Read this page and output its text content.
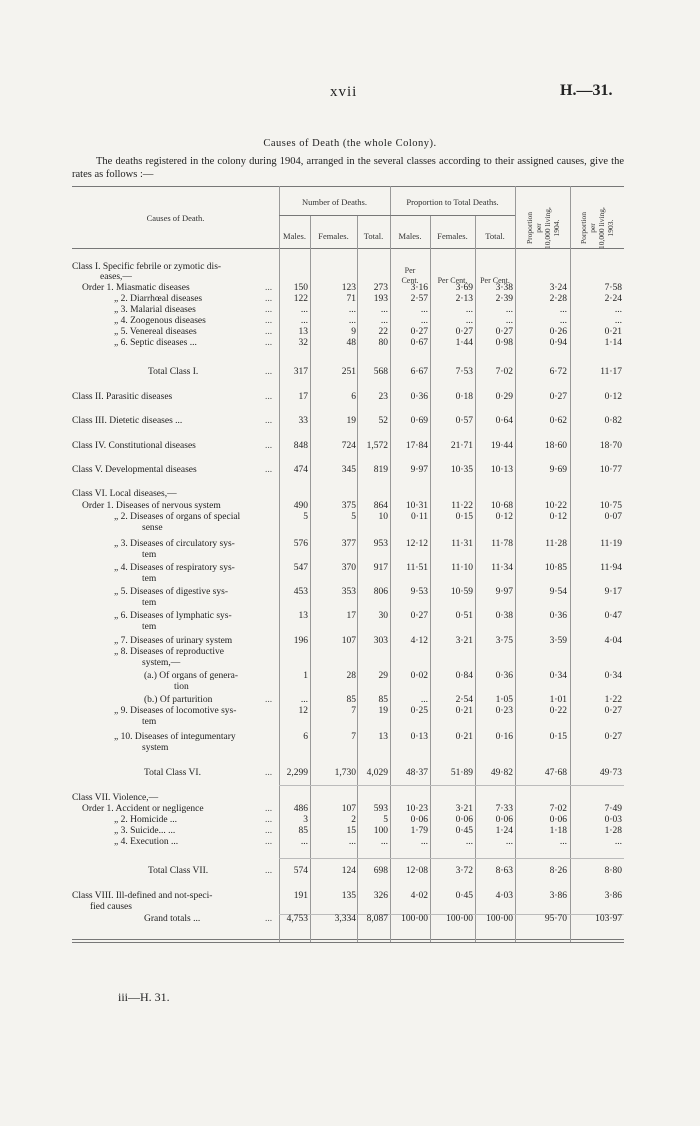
xvii	H.—31.
Causes of Death (the whole Colony).
The deaths registered in the colony during 1904, arranged in the several classes according to their assigned causes, give the rates as follows :—
Causes of Death.
Number of Deaths.	Proportion to Total Deaths.
Males.	Females.	Total.	Males.	Females.	Total.	Proportion per 10,000 living, 1904. Porportion per 10,000 living, 1903.
Per
Cent.	Per Cent.	Per Cent.
Class I. Specific febrile or zymotic dis-
eases,—
Order 1. Miasmatic diseases	... 150	123 273 3·16	3·69 3·38	3·24	7·58
„ 2. Diarrhœal diseases	... 122	71 193 2·57	2·13 2·39	2·28	2·24
„ 3. Malarial diseases	...	...	...	...	...	...	...	...	...
„ 4. Zoogenous diseases	...	...	...	...	...	...	...	...	...
„ 5. Venereal diseases	...	13	9 22 0·27	0·27 0·27	0·26	0·21
„ 6. Septic diseases ...	...	32	48 80 0·67	1·44 0·98	0·94	1·14
Total Class I.	... 317	251 568 6·67	7·53 7·02	6·72	11·17
Class II. Parasitic diseases	...	17	6 23 0·36	0·18 0·29	0·27	0·12
Class III. Dietetic diseases ...	...	33	19 52 0·69	0·57 0·64	0·62	0·82
Class IV. Constitutional diseases	... 848	724 1,572 17·84 21·71 19·44	18·60	18·70
Class V. Developmental diseases	... 474	345 819 9·97 10·35 10·13	9·69	10·77
Class VI. Local diseases,—
Order 1. Diseases of nervous system	490	375 864 10·31 11·22 10·68	10·22	10·75
„ 2. Diseases of organs of special	5	5 10 0·11	0·15 0·12	0·12	0·07
sense
„ 3. Diseases of circulatory sys-	576	377 953 12·12 11·31 11·78	11·28	11·19
tem
„ 4. Diseases of respiratory sys-	547	370 917 11·51 11·10 11·34	10·85	11·94
tem
„ 5. Diseases of digestive sys-	453	353 806 9·53 10·59 9·97	9·54	9·17
tem
„ 6. Diseases of lymphatic sys-	13	17 30 0·27	0·51 0·38	0·36	0·47
tem
„ 7. Diseases of urinary system	196	107 303 4·12	3·21 3·75	3·59	4·04
„ 8. Diseases of reproductive
system,—
(a.) Of organs of genera-	1	28 29 0·02	0·84 0·36	0·34	0·34
tion
(b.) Of parturition	...	...	85 85	...	2·54 1·05	1·01	1·22
„ 9. Diseases of locomotive sys-	12	7 19 0·25	0·21 0·23	0·22	0·27
tem
„ 10. Diseases of integumentary	6	7 13 0·13	0·21 0·16	0·15	0·27
system
Total Class VI.	... 2,299	1,730 4,029 48·37 51·89 49·82	47·68	49·73
Class VII. Violence,—
Order 1. Accident or negligence	... 486	107 593 10·23	3·21 7·33	7·02	7·49
„ 2. Homicide ...	...	3	2	5 0·06	0·06 0·06	0·06	0·03
„ 3. Suicide... ...	...	85	15 100 1·79	0·45 1·24	1·18	1·28
„ 4. Execution ...	...	...	...	...	...	...	...	...	...
Total Class VII.	... 574	124 698 12·08	3·72 8·63	8·26	8·80
Class VIII. Ill-defined and not-speci-	191	135 326 4·02	0·45 4·03	3·86	3·86
fied causes
Grand totals ...	... 4,753	3,334 8,087 100·00 100·00 100·00	95·70	103·97
iii—H. 31.
